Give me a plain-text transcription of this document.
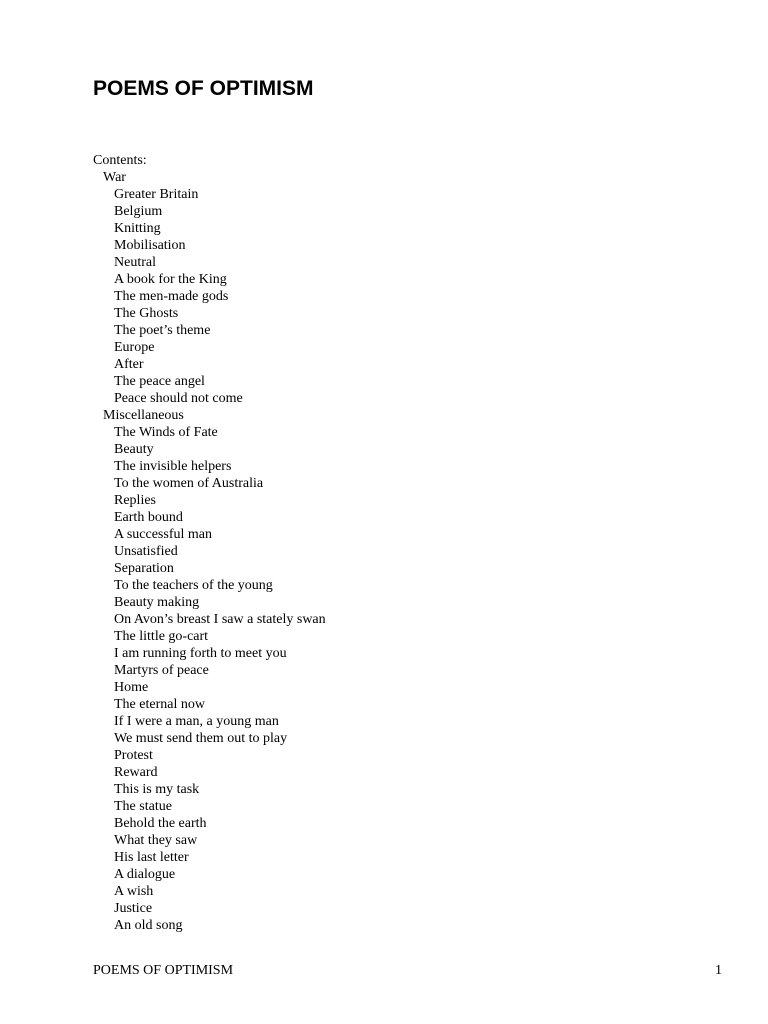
POEMS OF OPTIMISM
Contents:
War
Greater Britain
Belgium
Knitting
Mobilisation
Neutral
A book for the King
The men-made gods
The Ghosts
The poet’s theme
Europe
After
The peace angel
Peace should not come
Miscellaneous
The Winds of Fate
Beauty
The invisible helpers
To the women of Australia
Replies
Earth bound
A successful man
Unsatisfied
Separation
To the teachers of the young
Beauty making
On Avon’s breast I saw a stately swan
The little go-cart
I am running forth to meet you
Martyrs of peace
Home
The eternal now
If I were a man, a young man
We must send them out to play
Protest
Reward
This is my task
The statue
Behold the earth
What they saw
His last letter
A dialogue
A wish
Justice
An old song
POEMS OF OPTIMISM	1
